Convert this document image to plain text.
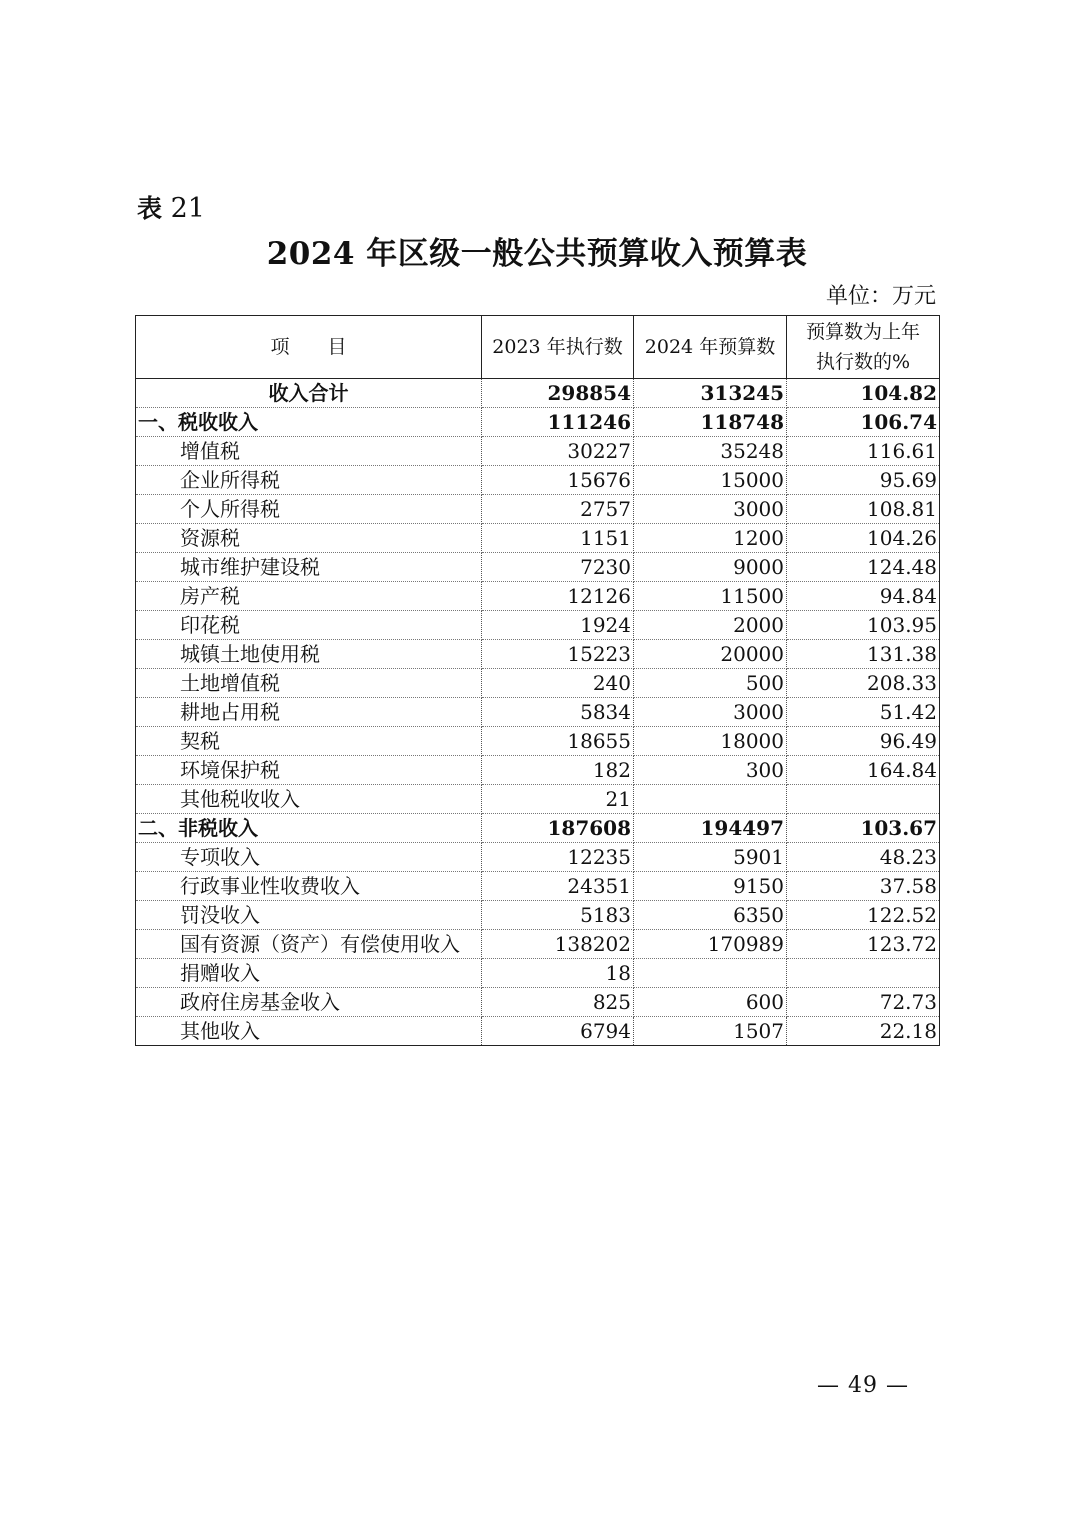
表 21
2024 年区级一般公共预算收入预算表
单位：万元
项　　目	2023 年执行数	2024 年预算数	预算数为上年
执行数的%

收入合计	298854	313245	104.82
一、税收收入	111246	118748	106.74
增值税	30227	35248	116.61
企业所得税	15676	15000	95.69
个人所得税	2757	3000	108.81
资源税	1151	1200	104.26
城市维护建设税	7230	9000	124.48
房产税	12126	11500	94.84
印花税	1924	2000	103.95
城镇土地使用税	15223	20000	131.38
土地增值税	240	500	208.33
耕地占用税	5834	3000	51.42
契税	18655	18000	96.49
环境保护税	182	300	164.84
其他税收收入	21		
二、非税收入	187608	194497	103.67
专项收入	12235	5901	48.23
行政事业性收费收入	24351	9150	37.58
罚没收入	5183	6350	122.52
国有资源（资产）有偿使用收入	138202	170989	123.72
捐赠收入	18		
政府住房基金收入	825	600	72.73
其他收入	6794	1507	22.18
— 49 —
